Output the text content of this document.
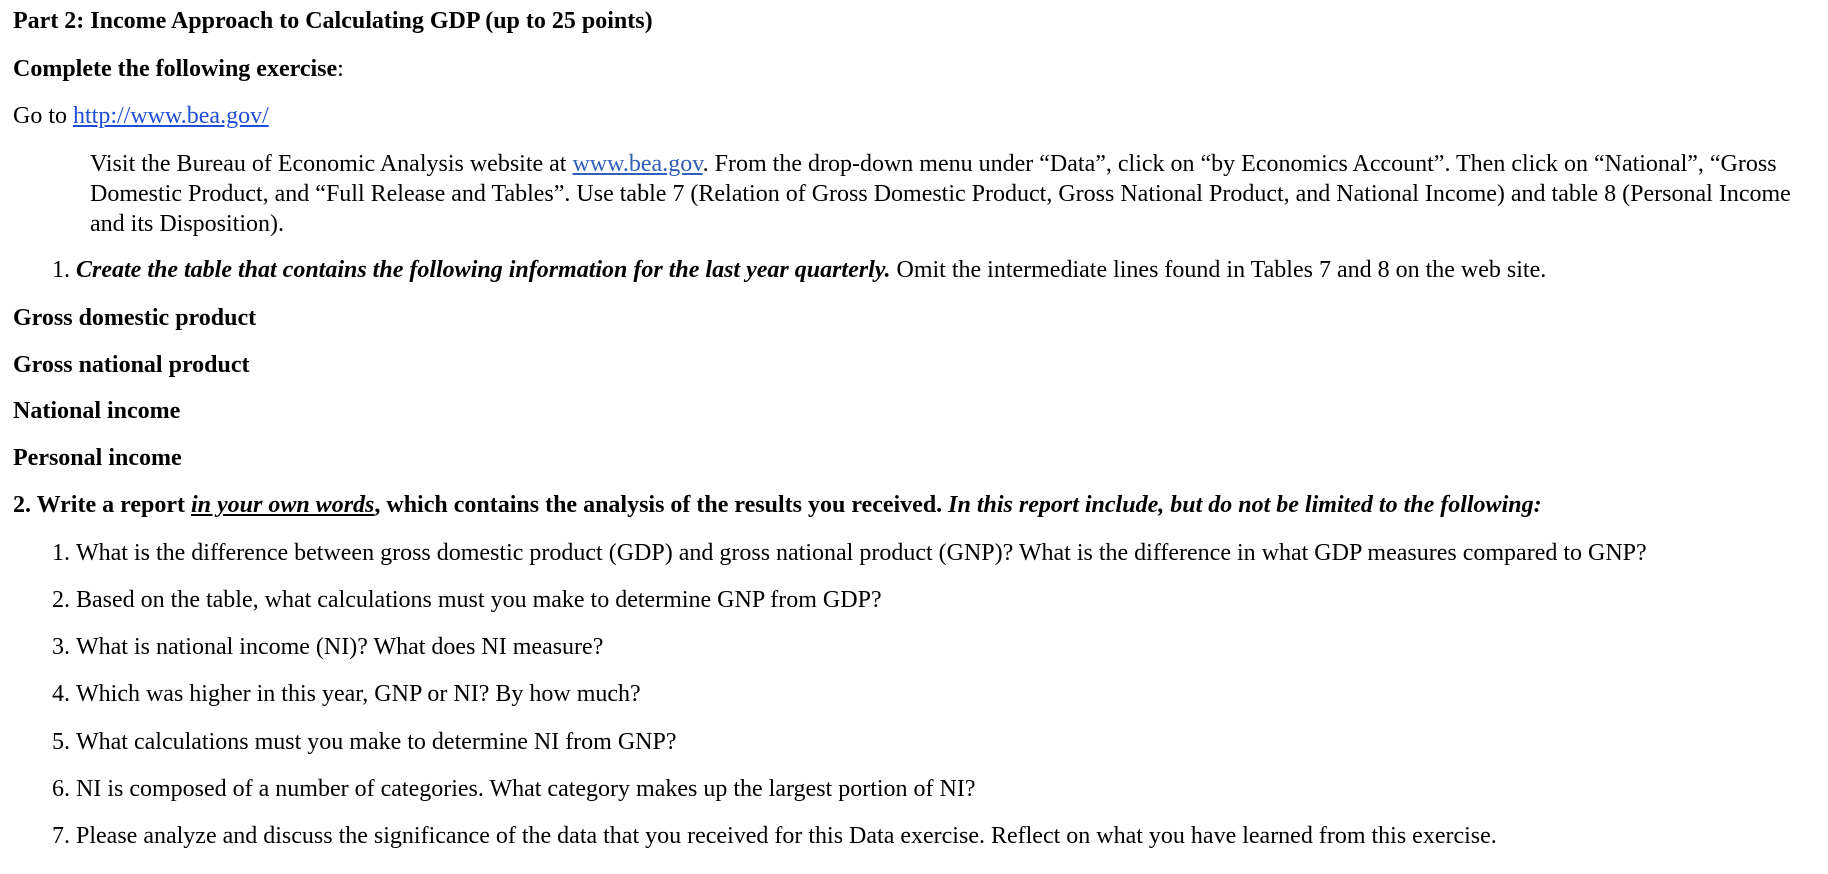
Part 2: Income Approach to Calculating GDP (up to 25 points)
Complete the following exercise:
Go to http://www.bea.gov/
Visit the Bureau of Economic Analysis website at www.bea.gov. From the drop-down menu under “Data”, click on “by Economics Account”. Then click on “National”, “Gross Domestic Product, and “Full Release and Tables”. Use table 7 (Relation of Gross Domestic Product, Gross National Product, and National Income) and table 8 (Personal Income and its Disposition).
1. Create the table that contains the following information for the last year quarterly. Omit the intermediate lines found in Tables 7 and 8 on the web site.
Gross domestic product
Gross national product
National income
Personal income
2. Write a report in your own words, which contains the analysis of the results you received. In this report include, but do not be limited to the following:
1. What is the difference between gross domestic product (GDP) and gross national product (GNP)? What is the difference in what GDP measures compared to GNP?
2. Based on the table, what calculations must you make to determine GNP from GDP?
3. What is national income (NI)? What does NI measure?
4. Which was higher in this year, GNP or NI? By how much?
5. What calculations must you make to determine NI from GNP?
6. NI is composed of a number of categories. What category makes up the largest portion of NI?
7. Please analyze and discuss the significance of the data that you received for this Data exercise. Reflect on what you have learned from this exercise.
